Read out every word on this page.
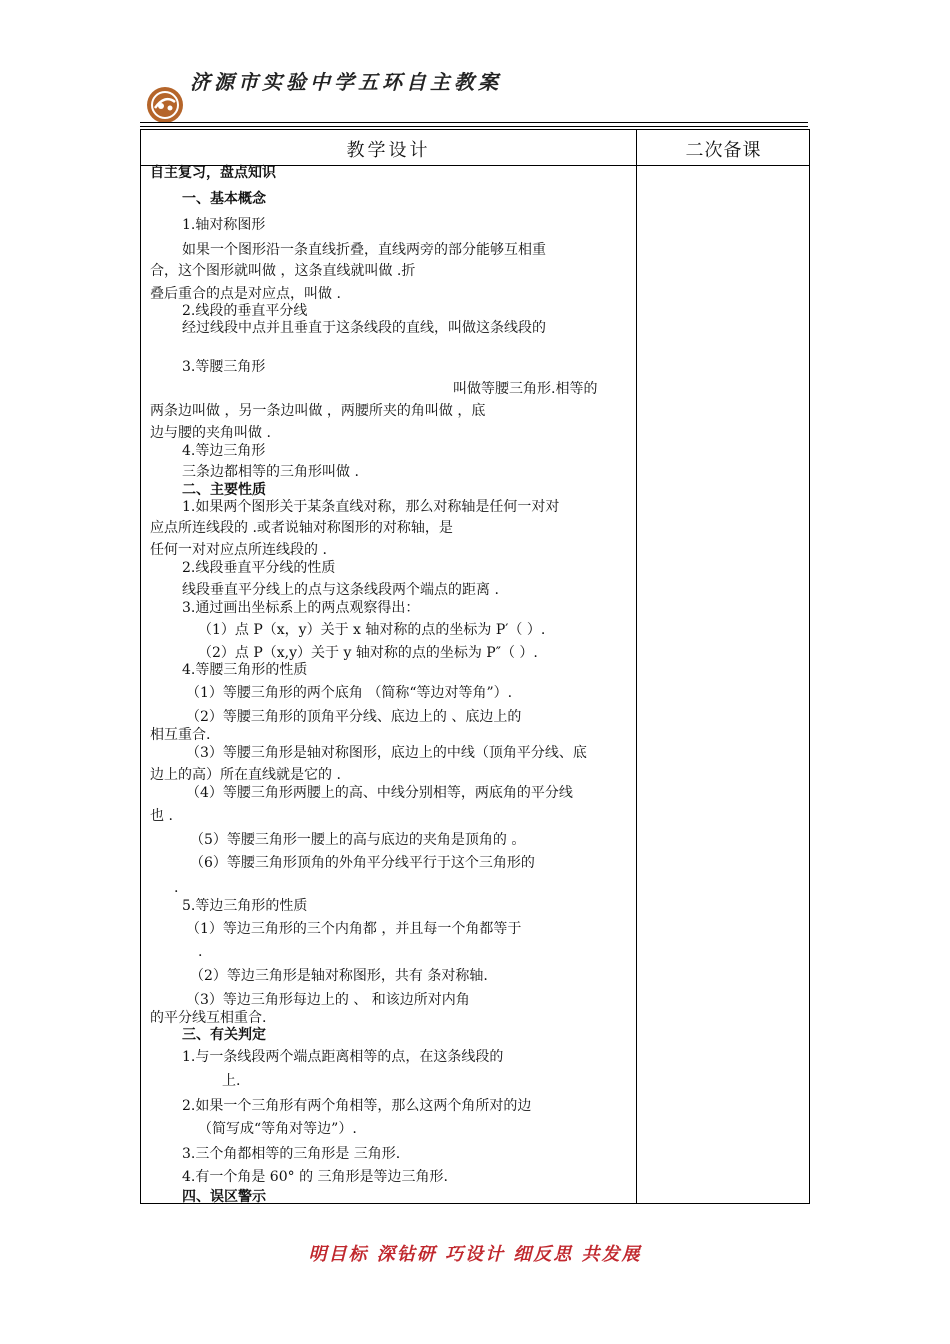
济源市实验中学五环自主教案
教学设计	二次备课
自主复习，盘点知识
一、基本概念
1.轴对称图形
如果一个图形沿一条直线折叠，直线两旁的部分能够互相重
合，这个图形就叫做 ，这条直线就叫做 .折
叠后重合的点是对应点，叫做 .
2.线段的垂直平分线
经过线段中点并且垂直于这条线段的直线，叫做这条线段的
3.等腰三角形
叫做等腰三角形.相等的
两条边叫做 ，另一条边叫做 ，两腰所夹的角叫做 ，底
边与腰的夹角叫做 .
4.等边三角形
三条边都相等的三角形叫做 .
二、主要性质
1.如果两个图形关于某条直线对称，那么对称轴是任何一对对
应点所连线段的 .或者说轴对称图形的对称轴，是
任何一对对应点所连线段的 .
2.线段垂直平分线的性质
线段垂直平分线上的点与这条线段两个端点的距离 .
3.通过画出坐标系上的两点观察得出：
（1）点 P（x，y）关于 x 轴对称的点的坐标为 P′（ ）.
（2）点 P（x,y）关于 y 轴对称的点的坐标为 P″（ ）.
4.等腰三角形的性质
（1）等腰三角形的两个底角 （简称“等边对等角”）.
（2）等腰三角形的顶角平分线、底边上的 、底边上的
相互重合.
（3）等腰三角形是轴对称图形，底边上的中线（顶角平分线、底
边上的高）所在直线就是它的 .
（4）等腰三角形两腰上的高、中线分别相等，两底角的平分线
也 .
（5）等腰三角形一腰上的高与底边的夹角是顶角的 。
（6）等腰三角形顶角的外角平分线平行于这个三角形的
.
5.等边三角形的性质
（1）等边三角形的三个内角都 ，并且每一个角都等于
.
（2）等边三角形是轴对称图形，共有 条对称轴.
（3）等边三角形每边上的 、 和该边所对内角
的平分线互相重合.
三、有关判定
1.与一条线段两个端点距离相等的点，在这条线段的
上.
2.如果一个三角形有两个角相等，那么这两个角所对的边
（简写成“等角对等边”）.
3.三个角都相等的三角形是 三角形.
4.有一个角是 60° 的 三角形是等边三角形.
四、误区警示
明目标 深钻研 巧设计 细反思 共发展
